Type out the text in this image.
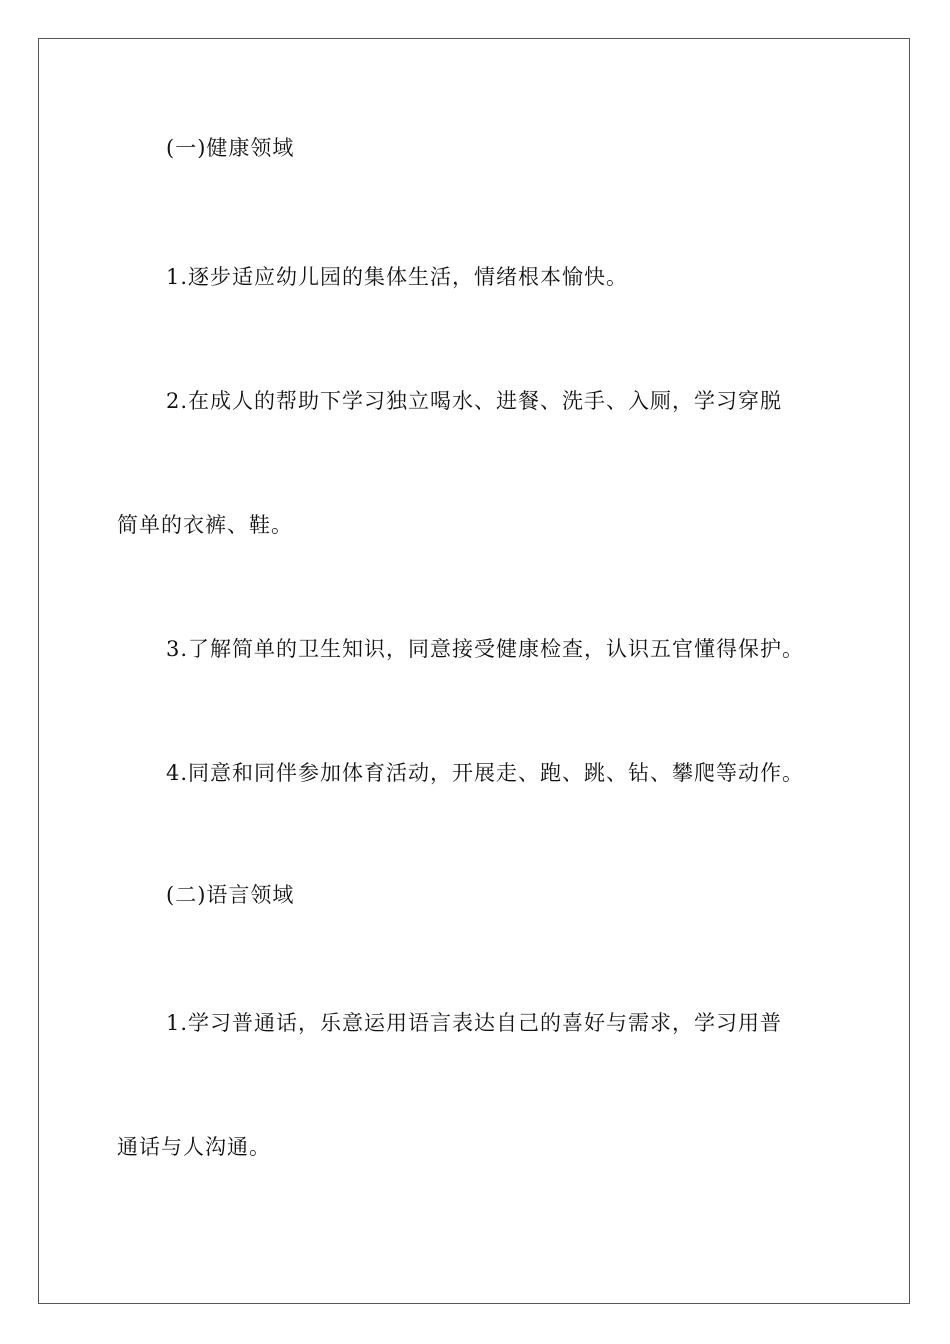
(一)健康领域
1.逐步适应幼儿园的集体生活，情绪根本愉快。
2.在成人的帮助下学习独立喝水、进餐、洗手、入厕，学习穿脱
简单的衣裤、鞋。
3.了解简单的卫生知识，同意接受健康检查，认识五官懂得保护。
4.同意和同伴参加体育活动，开展走、跑、跳、钻、攀爬等动作。
(二)语言领域
1.学习普通话，乐意运用语言表达自己的喜好与需求，学习用普
通话与人沟通。
